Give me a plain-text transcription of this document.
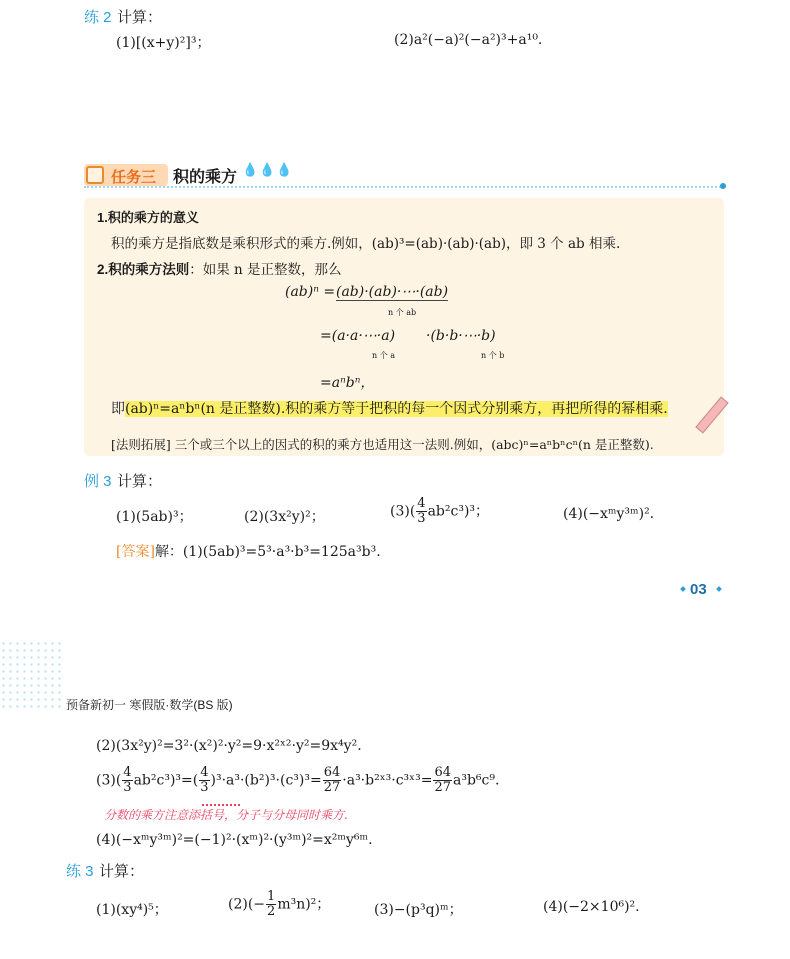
练 2 计算：
(1)[(x+y)²]³；	(2)a²(−a)²(−a²)³+a¹⁰.
任务三 积的乘方 💧💧💧
1.积的乘方的意义
积的乘方是指底数是乘积形式的乘方.例如，(ab)³=(ab)·(ab)·(ab)，即 3 个 ab 相乘.
2.积的乘方法则：如果 n 是正整数，那么
(ab)ⁿ = (ab)·(ab)·⋯·(ab)
n 个 ab
=(a·a·⋯·a)
n 个 a
·(b·b·⋯·b)
n 个 b
=aⁿbⁿ，
即(ab)ⁿ=aⁿbⁿ(n 是正整数).积的乘方等于把积的每一个因式分别乘方，再把所得的幂相乘.
[法则拓展] 三个或三个以上的因式的积的乘方也适用这一法则.例如，(abc)ⁿ=aⁿbⁿcⁿ(n 是正整数).
例 3 计算：
(1)(5ab)³；	(2)(3x²y)²；	$(3)( \frac{4}{3} ab^2c^3)^3$；	(4)(−xᵐy³ᵐ)².
[答案]解：(1)(5ab)³=5³·a³·b³=125a³b³.
03
预备新初一 寒假版·数学(BS 版)
(2)(3x²y)²=3²·(x²)²·y²=9·x²ˣ²·y²=9x⁴y².
$(3)( \frac{4}{3} ab^2c^3)^3=( \frac{4}{3} )^3\cdot a^3\cdot(b^2)^3\cdot(c^3)^3= \frac{64}{27}$ ·a³·b²ˣ³·c³ˣ³= $\frac{64}{27} a^3b^6c^9$.
分数的乘方注意添括号，分子与分母同时乘方.
(4)(−xᵐy³ᵐ)²=(−1)²·(xᵐ)²·(y³ᵐ)²=x²ᵐy⁶ᵐ.
练 3 计算：
(1)(xy⁴)⁵；	$(2)(- \frac{1}{2} m^3n)^2$；	(3)−(p³q)ᵐ；	(4)(−2×10⁶)².
